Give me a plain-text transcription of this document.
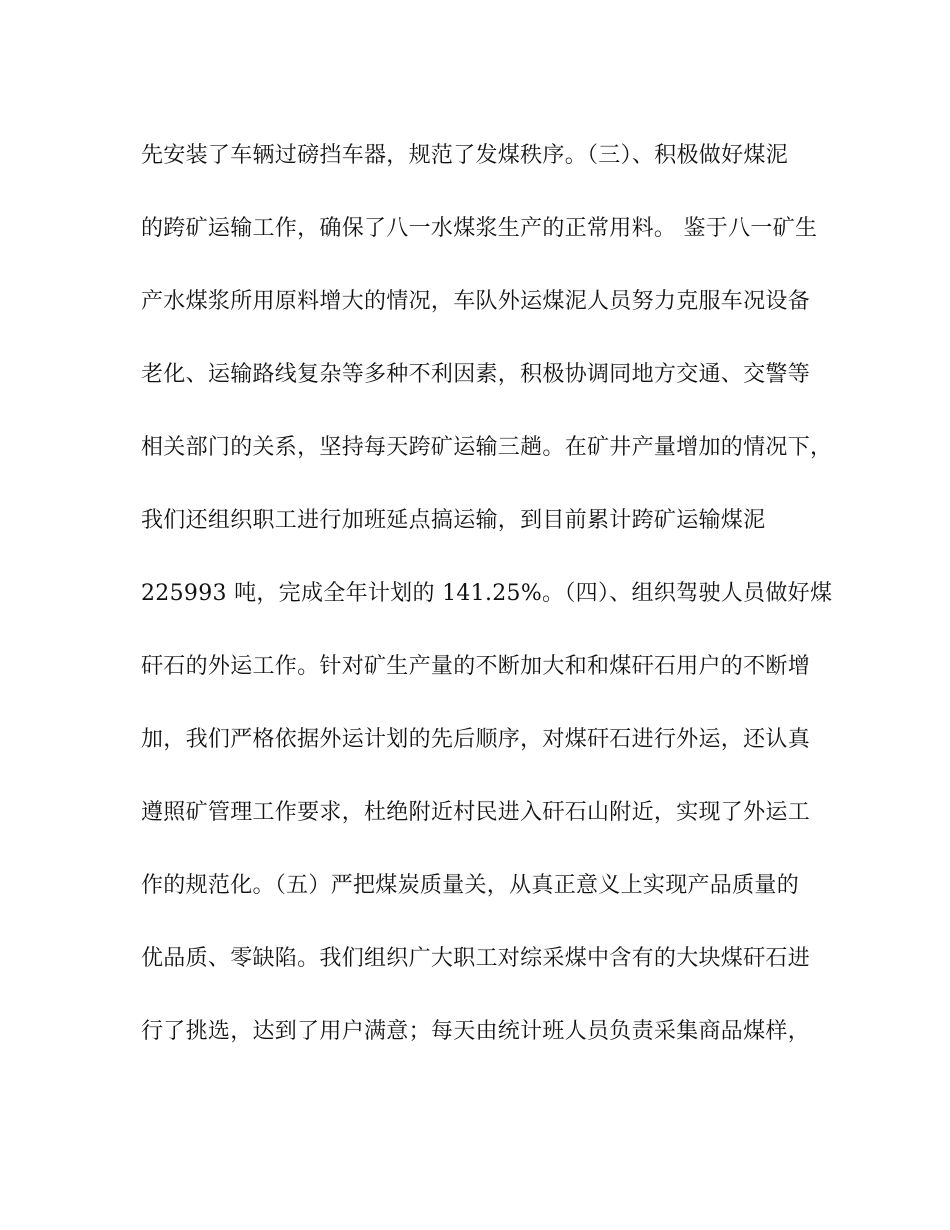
先安装了车辆过磅挡车器，规范了发煤秩序。（三）、积极做好煤泥
的跨矿运输工作，确保了八一水煤浆生产的正常用料。 鉴于八一矿生
产水煤浆所用原料增大的情况，车队外运煤泥人员努力克服车况设备
老化、运输路线复杂等多种不利因素，积极协调同地方交通、交警等
相关部门的关系，坚持每天跨矿运输三趟。在矿井产量增加的情况下，
我们还组织职工进行加班延点搞运输，到目前累计跨矿运输煤泥
225993 吨，完成全年计划的 141.25%。（四）、组织驾驶人员做好煤
矸石的外运工作。针对矿生产量的不断加大和和煤矸石用户的不断增
加，我们严格依据外运计划的先后顺序，对煤矸石进行外运，还认真
遵照矿管理工作要求，杜绝附近村民进入矸石山附近，实现了外运工
作的规范化。（五）严把煤炭质量关，从真正意义上实现产品质量的
优品质、零缺陷。我们组织广大职工对综采煤中含有的大块煤矸石进
行了挑选，达到了用户满意；每天由统计班人员负责采集商品煤样，
